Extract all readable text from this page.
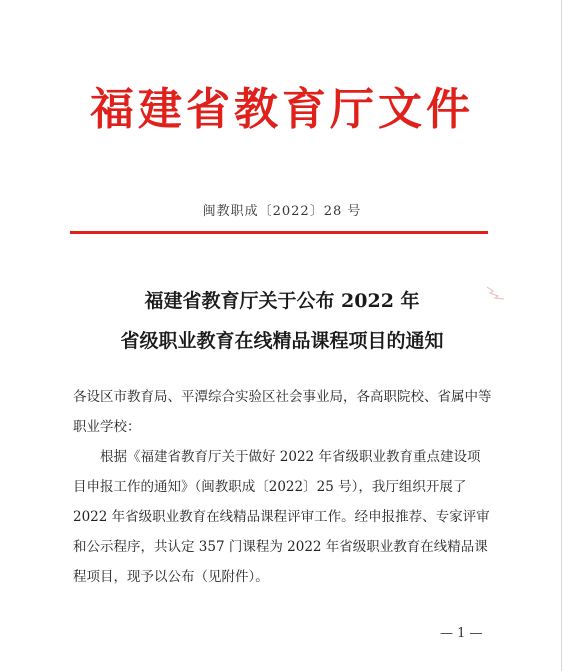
福建省教育厅文件
闽教职成〔2022〕28 号
福建省教育厅关于公布 2022 年
省级职业教育在线精品课程项目的通知

各设区市教育局、平潭综合实验区社会事业局，各高职院校、省属中等职业学校：

根据《福建省教育厅关于做好 2022 年省级职业教育重点建设项目申报工作的通知》（闽教职成〔2022〕25 号），我厅组织开展了 2022 年省级职业教育在线精品课程评审工作。经申报推荐、专家评审和公示程序，共认定 357 门课程为 2022 年省级职业教育在线精品课程项目，现予以公布（见附件）。

— 1 —
